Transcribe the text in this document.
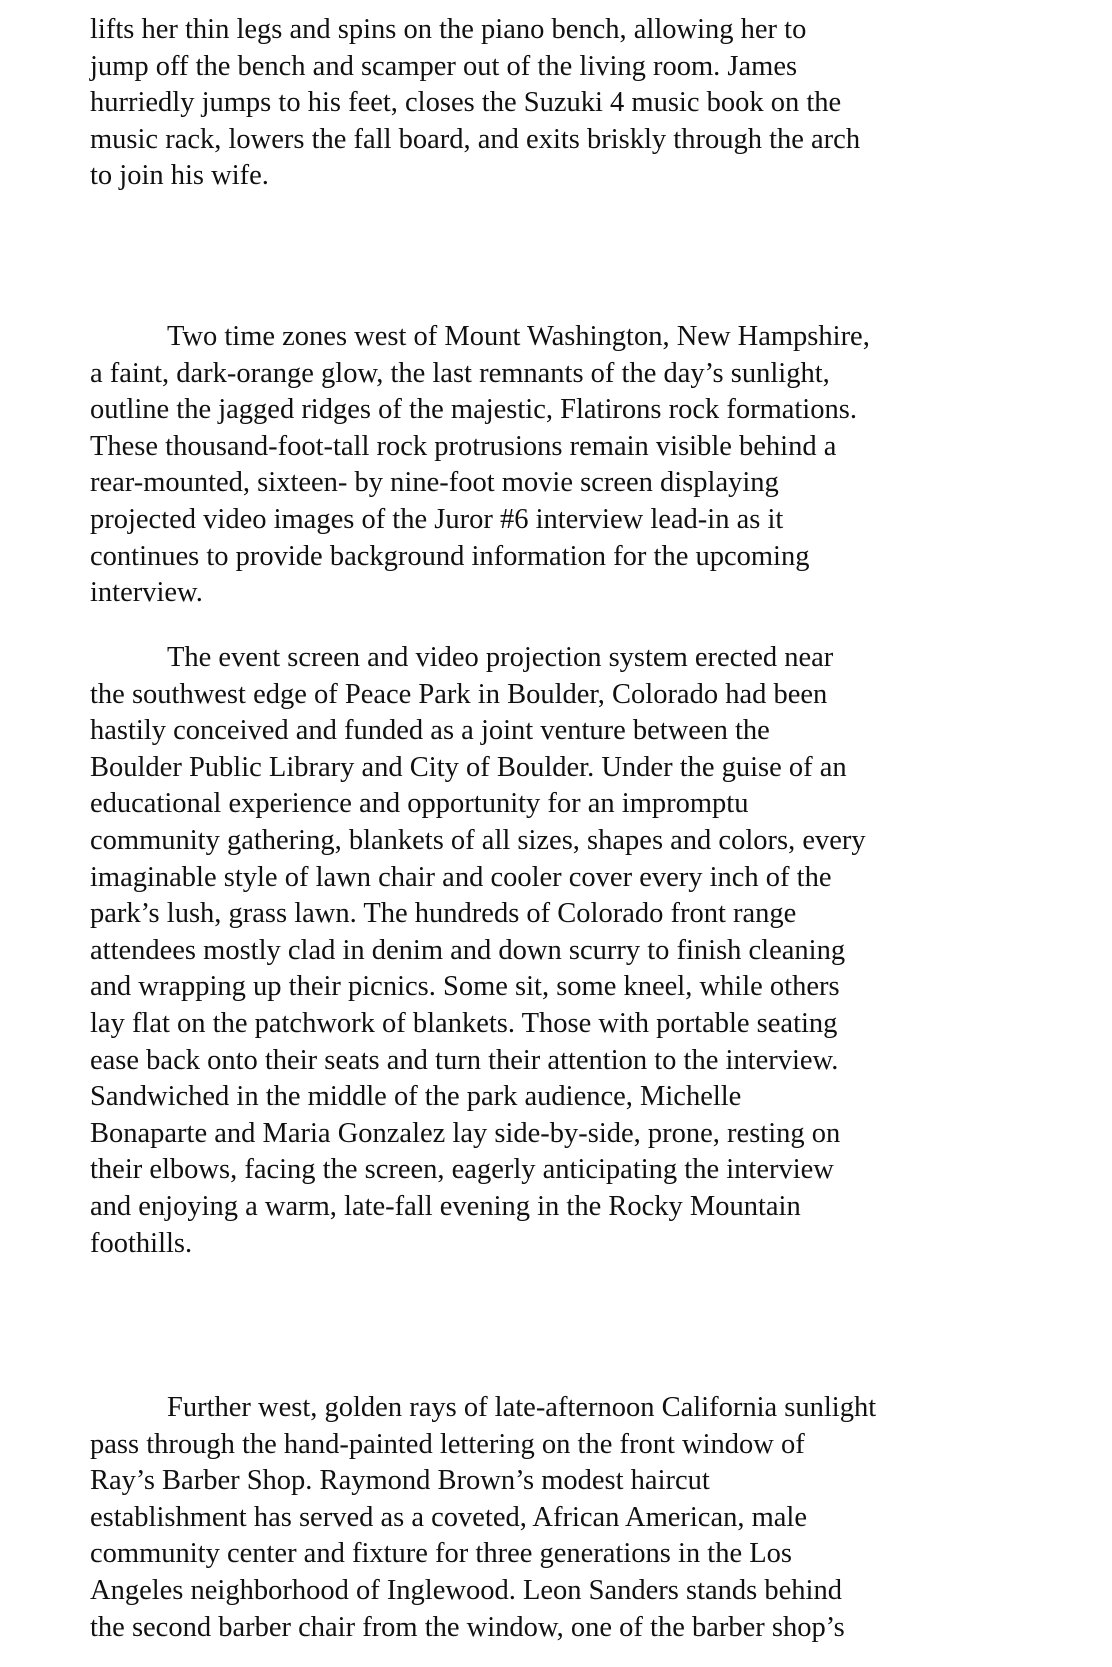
lifts her thin legs and spins on the piano bench, allowing her to
jump off the bench and scamper out of the living room. James
hurriedly jumps to his feet, closes the Suzuki 4 music book on the
music rack, lowers the fall board, and exits briskly through the arch
to join his wife.

Two time zones west of Mount Washington, New Hampshire,
a faint, dark-orange glow, the last remnants of the day’s sunlight,
outline the jagged ridges of the majestic, Flatirons rock formations.
These thousand-foot-tall rock protrusions remain visible behind a
rear-mounted, sixteen- by nine-foot movie screen displaying
projected video images of the Juror #6 interview lead-in as it
continues to provide background information for the upcoming
interview.

The event screen and video projection system erected near
the southwest edge of Peace Park in Boulder, Colorado had been
hastily conceived and funded as a joint venture between the
Boulder Public Library and City of Boulder. Under the guise of an
educational experience and opportunity for an impromptu
community gathering, blankets of all sizes, shapes and colors, every
imaginable style of lawn chair and cooler cover every inch of the
park’s lush, grass lawn. The hundreds of Colorado front range
attendees mostly clad in denim and down scurry to finish cleaning
and wrapping up their picnics. Some sit, some kneel, while others
lay flat on the patchwork of blankets. Those with portable seating
ease back onto their seats and turn their attention to the interview.
Sandwiched in the middle of the park audience, Michelle
Bonaparte and Maria Gonzalez lay side-by-side, prone, resting on
their elbows, facing the screen, eagerly anticipating the interview
and enjoying a warm, late-fall evening in the Rocky Mountain
foothills.

Further west, golden rays of late-afternoon California sunlight
pass through the hand-painted lettering on the front window of
Ray’s Barber Shop. Raymond Brown’s modest haircut
establishment has served as a coveted, African American, male
community center and fixture for three generations in the Los
Angeles neighborhood of Inglewood. Leon Sanders stands behind
the second barber chair from the window, one of the barber shop’s
